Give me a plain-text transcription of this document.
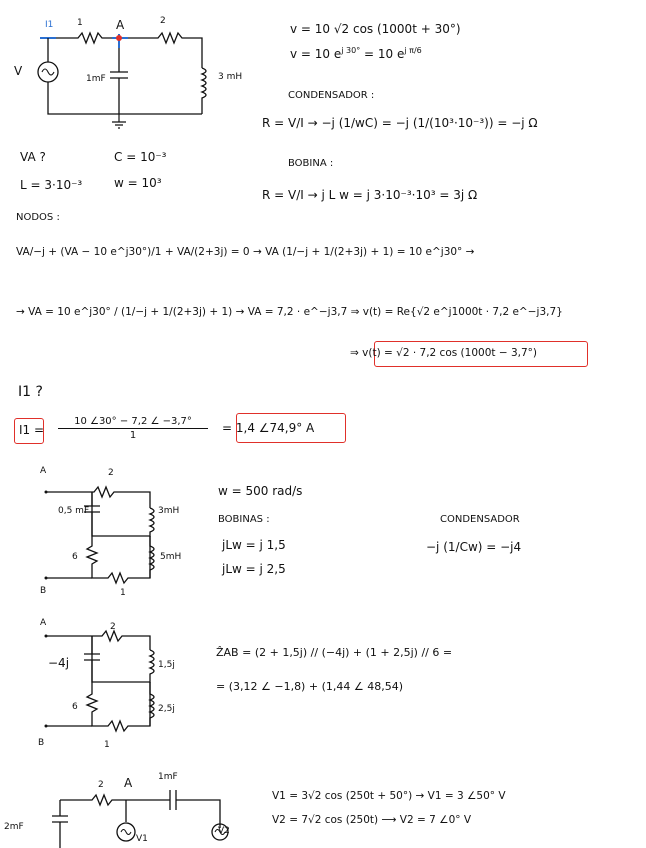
I1	1	A	2
1mF	3 mH
V
v = 10 √2 cos (1000t + 30°)
v = 10 $e^{j 30^\circ} = 10$ $e^{j \pi/6}$
VA ?	C = 10⁻³
L = 3·10⁻³	w = 10³
CONDENSADOR :
R = V/I → −j (1/wC) = −j (1/(10³·10⁻³)) = −j Ω
BOBINA :
R = V/I → j L w = j 3·10⁻³·10³ = 3j Ω
NODOS :
VA/−j + (VA − 10 e^j30°)/1 + VA/(2+3j) = 0 → VA (1/−j + 1/(2+3j) + 1) = 10 e^j30° →
→ VA = 10 e^j30° / (1/−j + 1/(2+3j) + 1) → VA = 7,2 · e^−j3,7 ⇒ v(t) = Re{√2 e^j1000t · 7,2 e^−j3,7}
⇒ v(t) = √2 · 7,2 cos (1000t − 3,7°)
I1 ?
I1 =
10 ∠30° − 7,2 ∠ −3,7°
1
= 1,4 ∠74,9° A
A	2
0,5 mF	3mH
6	5mH
B	1
w = 500 rad/s
BOBINAS :
jLw = j 1,5
jLw = j 2,5
CONDENSADOR
−j (1/Cw) = −j4
A	2
−4j	1,5j
6	2,5j
B	1
ẐAB = (2 + 1,5j) // (−4j) + (1 + 2,5j) // 6 =
= (3,12 ∠ −1,8) + (1,44 ∠ 48,54)
2 A	1mF
2mF
V1
V2
V1 = 3√2 cos (250t + 50°) → V1 = 3 ∠50° V
V2 = 7√2 cos (250t) ⟶ V2 = 7 ∠0° V
